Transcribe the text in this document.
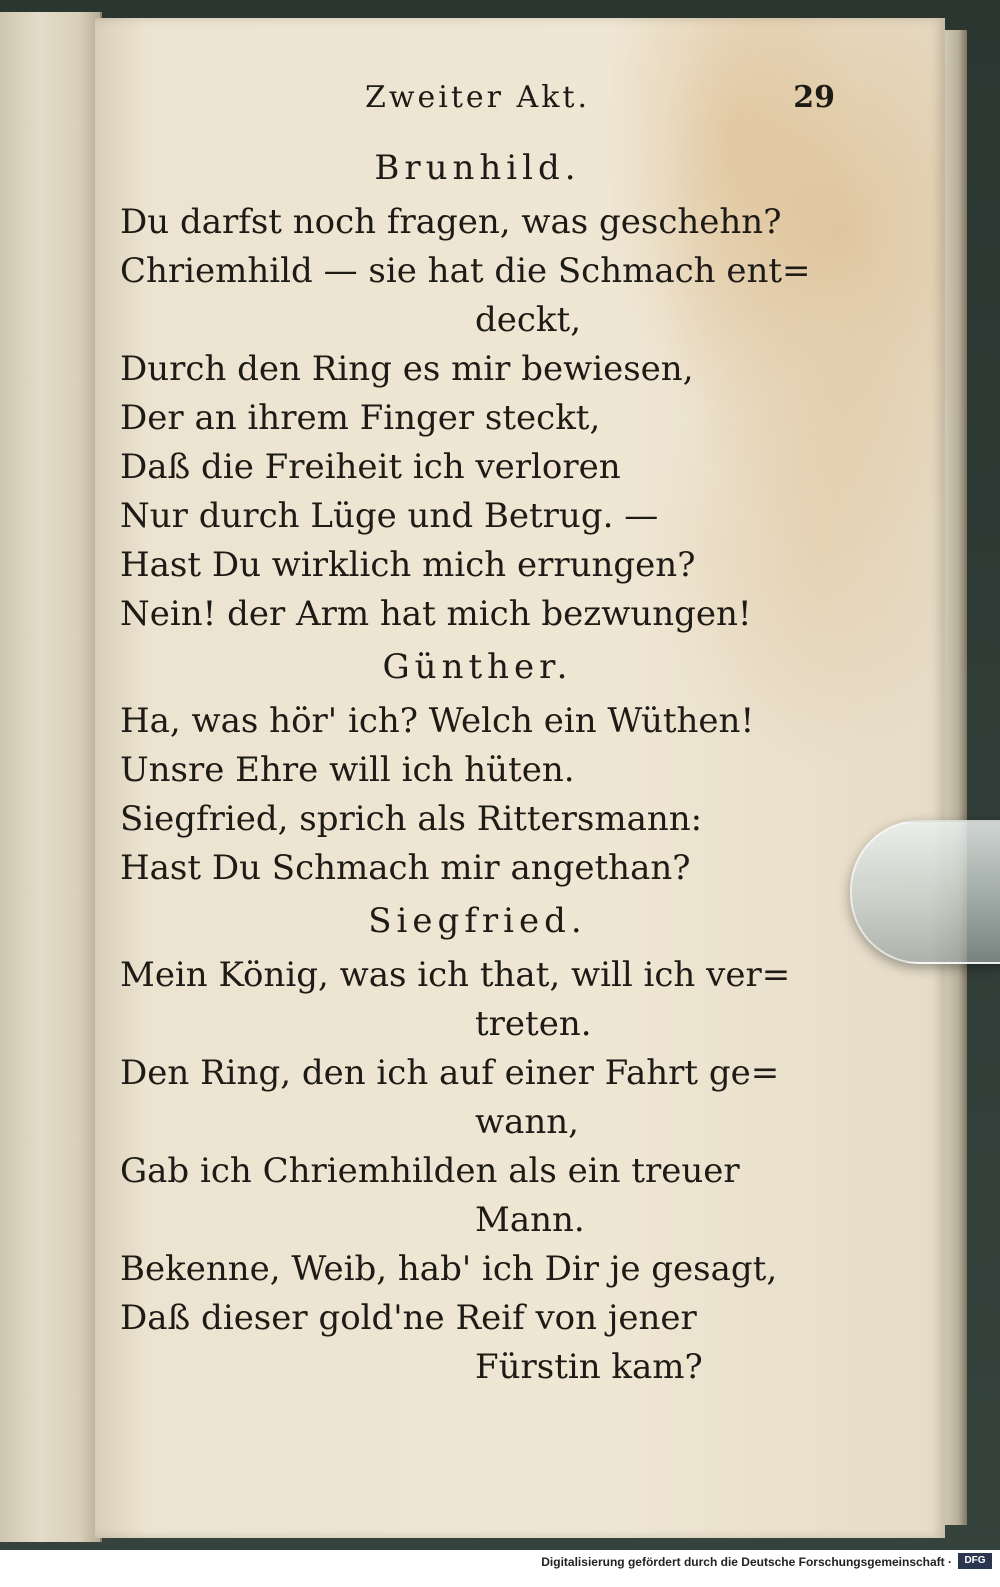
Zweiter Akt.	29
Brunhild.
Du darfst noch fragen, was geschehn?
Chriemhild — sie hat die Schmach ent=
deckt,
Durch den Ring es mir bewiesen,
Der an ihrem Finger steckt,
Daß die Freiheit ich verloren
Nur durch Lüge und Betrug. —
Hast Du wirklich mich errungen?
Nein! der Arm hat mich bezwungen!
Günther.
Ha, was hör' ich? Welch ein Wüthen!
Unsre Ehre will ich hüten.
Siegfried, sprich als Rittersmann:
Hast Du Schmach mir angethan?
Siegfried.
Mein König, was ich that, will ich ver=
treten.
Den Ring, den ich auf einer Fahrt ge=
wann,
Gab ich Chriemhilden als ein treuer
Mann.
Bekenne, Weib, hab' ich Dir je gesagt,
Daß dieser gold'ne Reif von jener
Fürstin kam?
Digitalisierung gefördert durch die Deutsche Forschungsgemeinschaft ·	DFG
